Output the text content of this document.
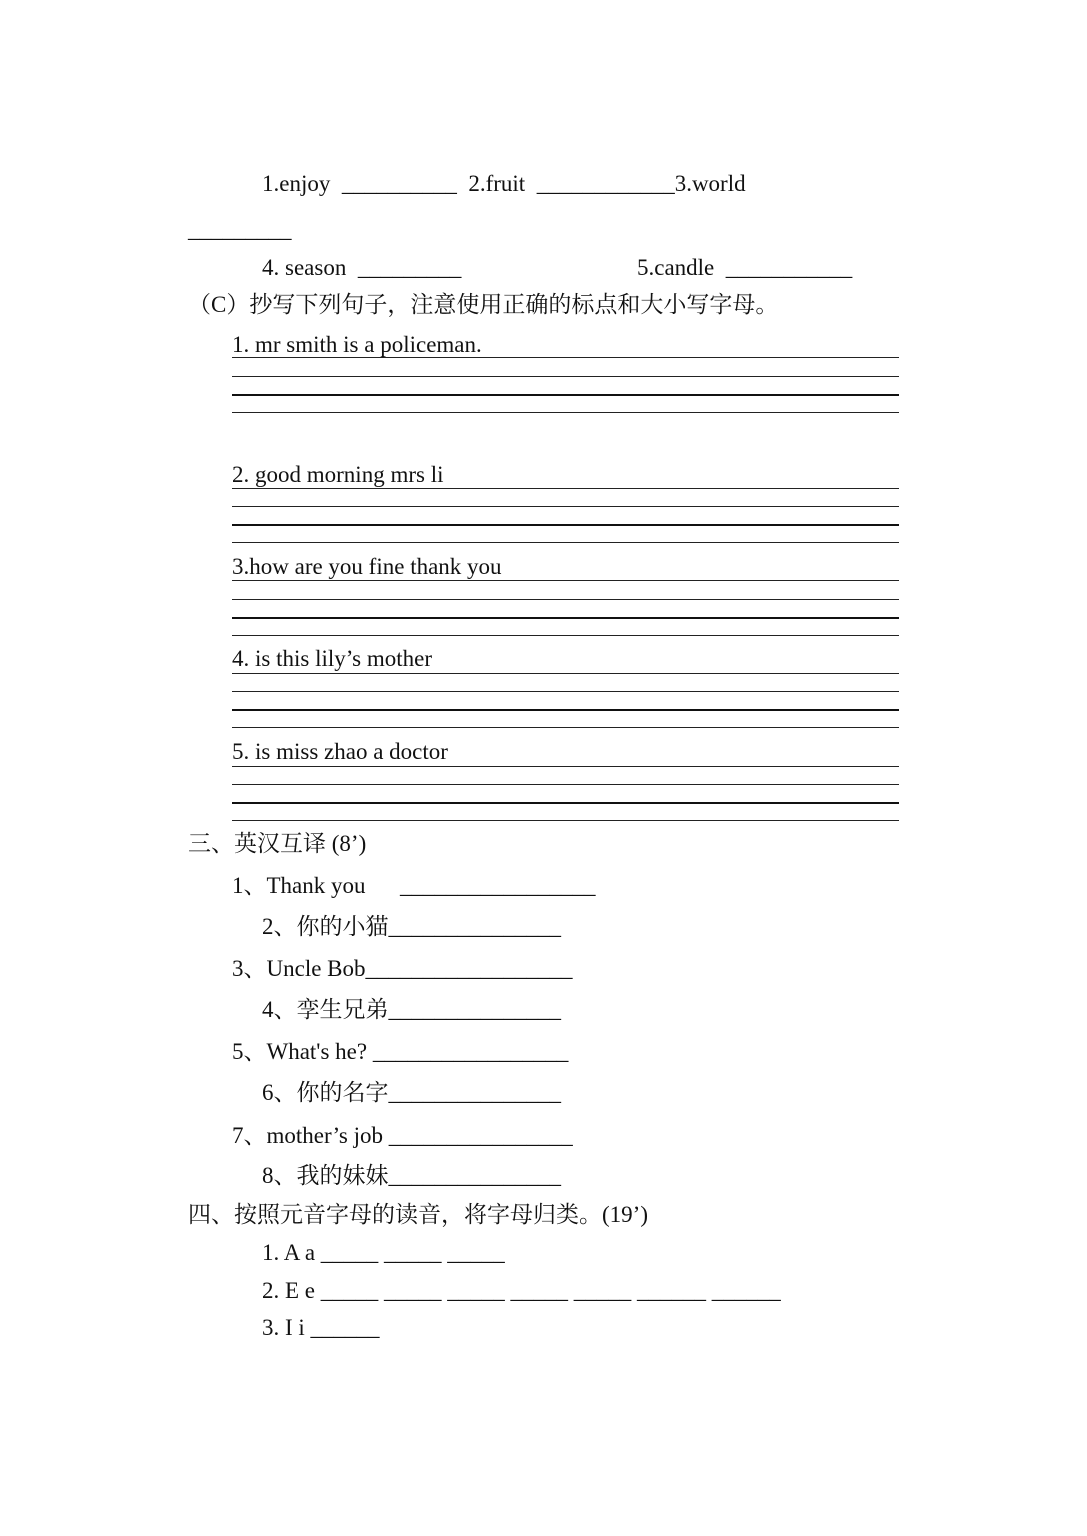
1.enjoy  __________  2.fruit  ____________3.world
_________
4. season  _________	5.candle  ___________
（C）抄写下列句子，注意使用正确的标点和大小写字母。
1. mr smith is a policeman.
2. good morning mrs li
3.how are you fine thank you
4. is this lily’s mother
5. is miss zhao a doctor
三、英汉互译 (8’)
1、Thank you      _________________
2、你的小猫_______________
3、Uncle Bob__________________
4、孪生兄弟_______________
5、What's he? _________________
6、你的名字_______________
7、mother’s job ________________
8、我的妹妹_______________
四、按照元音字母的读音，将字母归类。(19’)
1. A a _____ _____ _____
2. E e _____ _____ _____ _____ _____ ______ ______
3. I i ______
